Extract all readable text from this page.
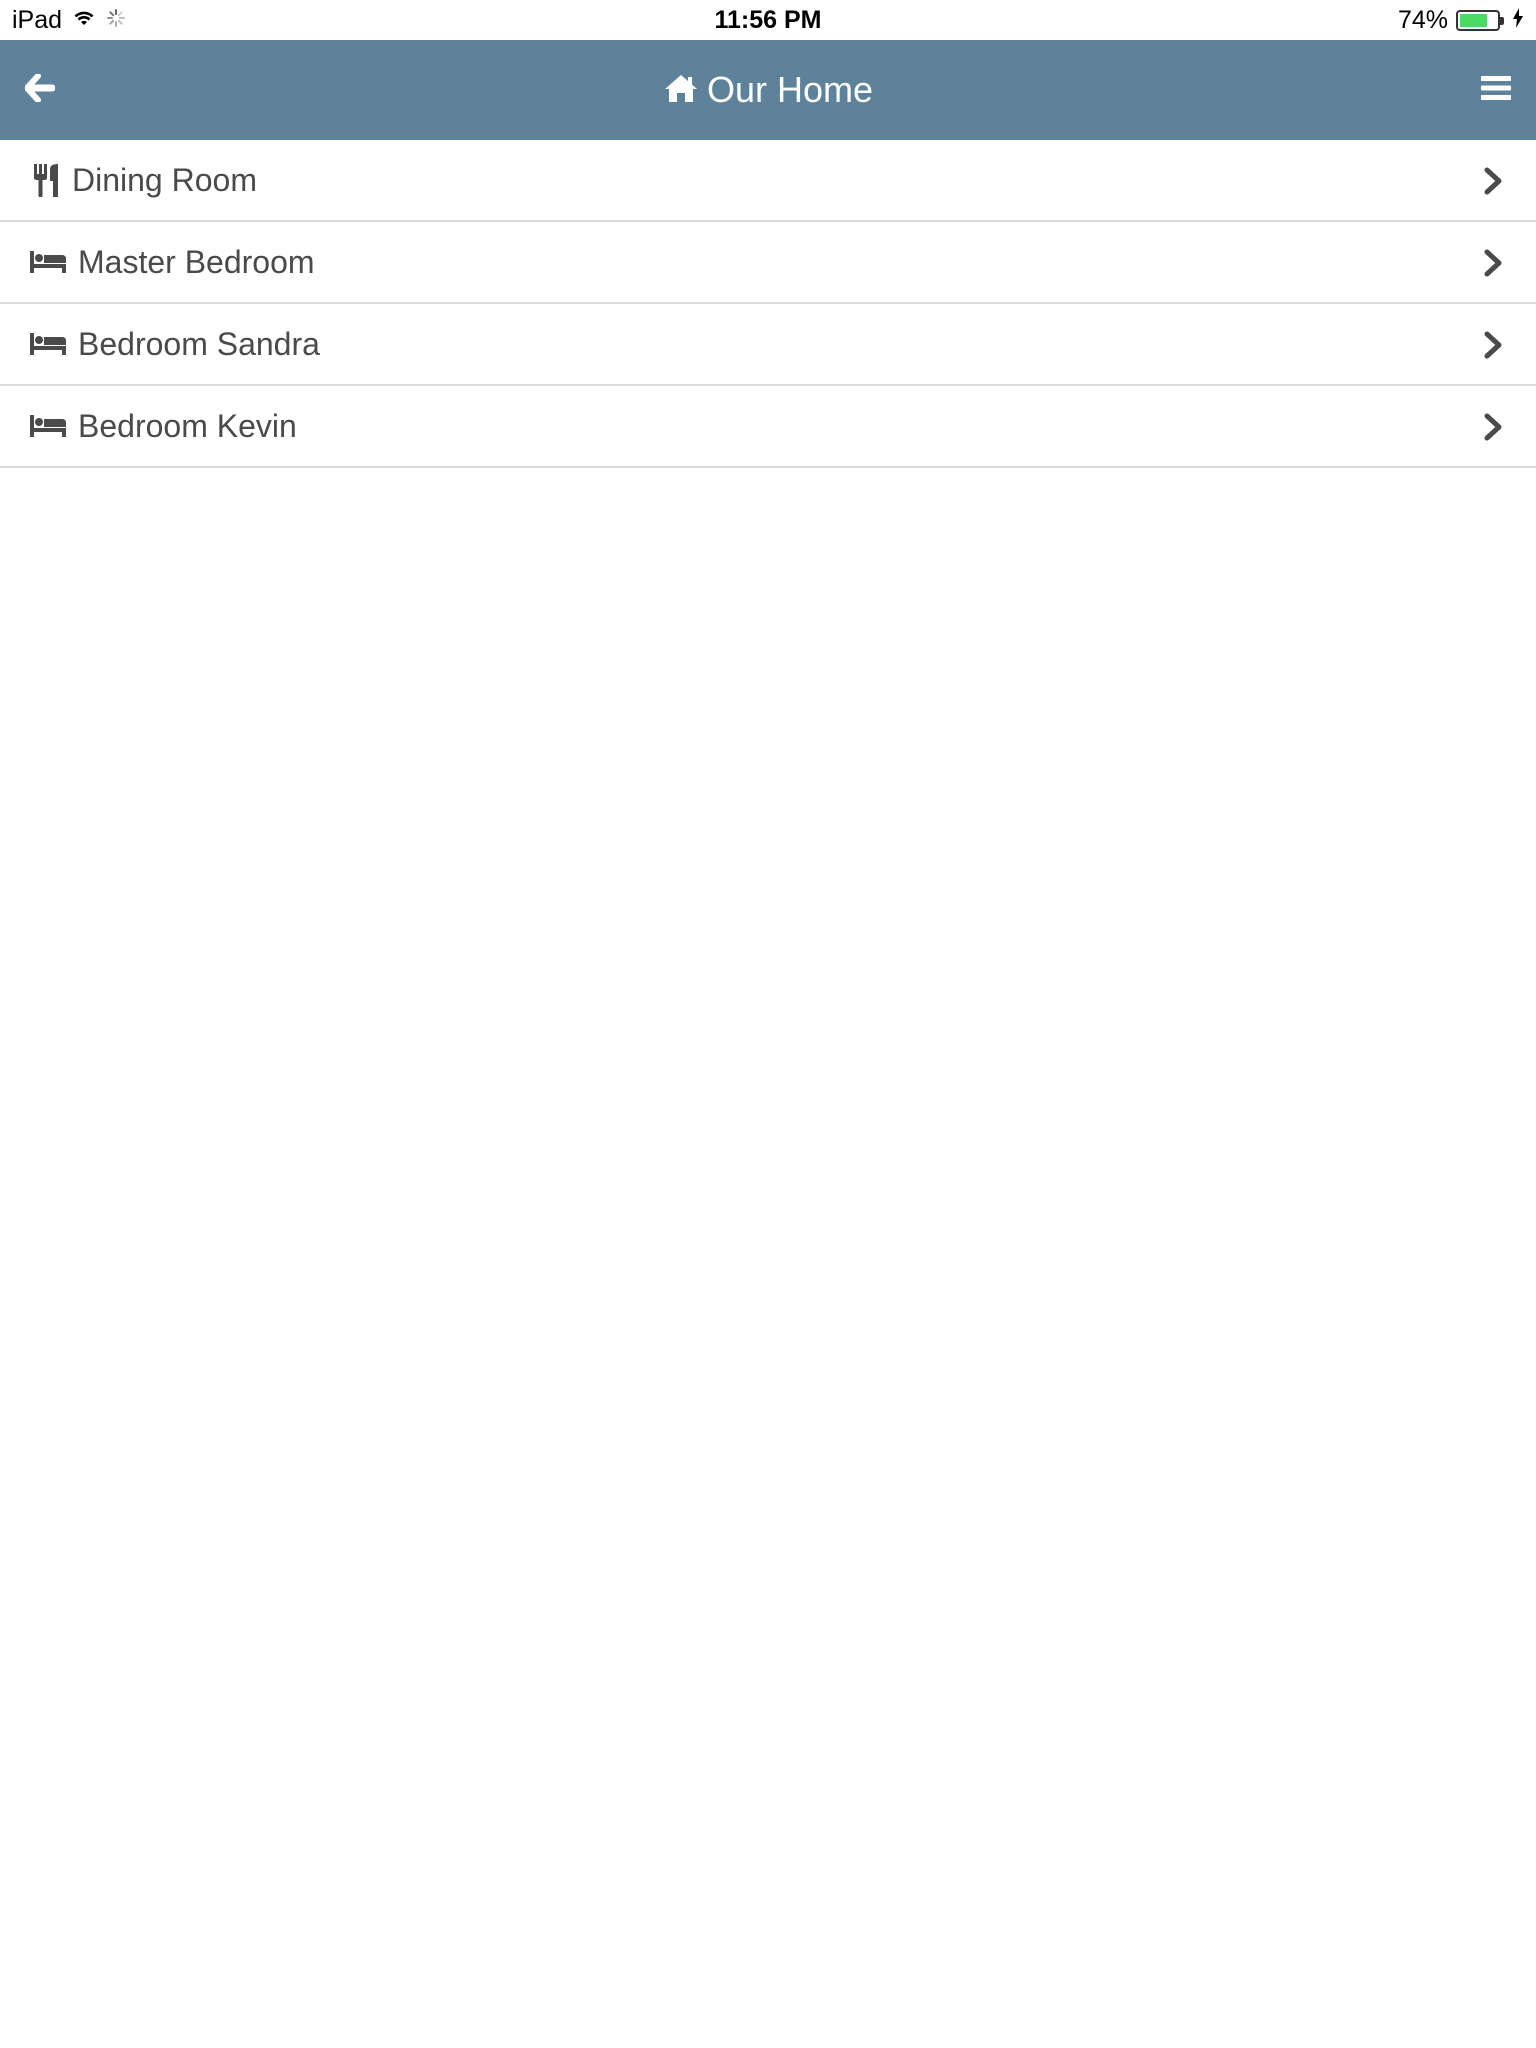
iPad	11:56 PM	74%
Our Home
Dining Room
Master Bedroom
Bedroom Sandra
Bedroom Kevin
